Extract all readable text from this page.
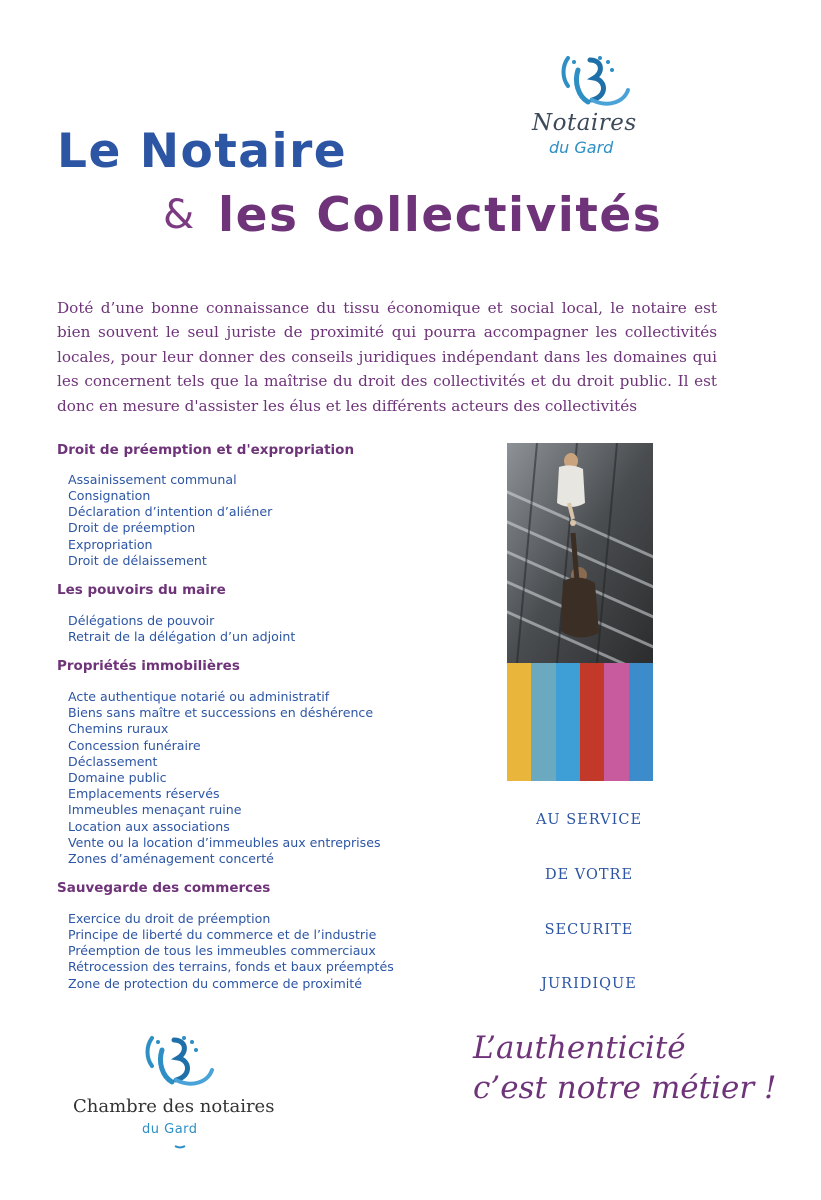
Notaires
du Gard
Le Notaire
& les Collectivités
Doté d’une bonne connaissance du tissu économique et social local, le notaire est bien souvent le seul juriste de proximité qui pourra accompagner les collectivités locales, pour leur donner des conseils juridiques indépendant dans les domaines qui les concernent tels que la maîtrise du droit des collectivités et du droit public. Il est donc en mesure d'assister les élus et les différents acteurs des collectivités
Droit de préemption et d'expropriation
Assainissement communal
Consignation
Déclaration d’intention d’aliéner
Droit de préemption
Expropriation
Droit de délaissement
Les pouvoirs du maire
Délégations de pouvoir
Retrait de la délégation d’un adjoint
Propriétés immobilières
Acte authentique notarié ou administratif
Biens sans maître et successions en déshérence
Chemins ruraux
Concession funéraire
Déclassement
Domaine public
Emplacements réservés
Immeubles menaçant ruine
Location aux associations
Vente ou la location d’immeubles aux entreprises
Zones d’aménagement concerté
Sauvegarde des commerces
Exercice du droit de préemption
Principe de liberté du commerce et de l’industrie
Préemption de tous les immeubles commerciaux
Rétrocession des terrains, fonds et baux préemptés
Zone de protection du commerce de proximité
AU SERVICE
DE VOTRE
SECURITE
JURIDIQUE
L’authenticité
c’est notre métier !
Chambre des notaires
du Gard
